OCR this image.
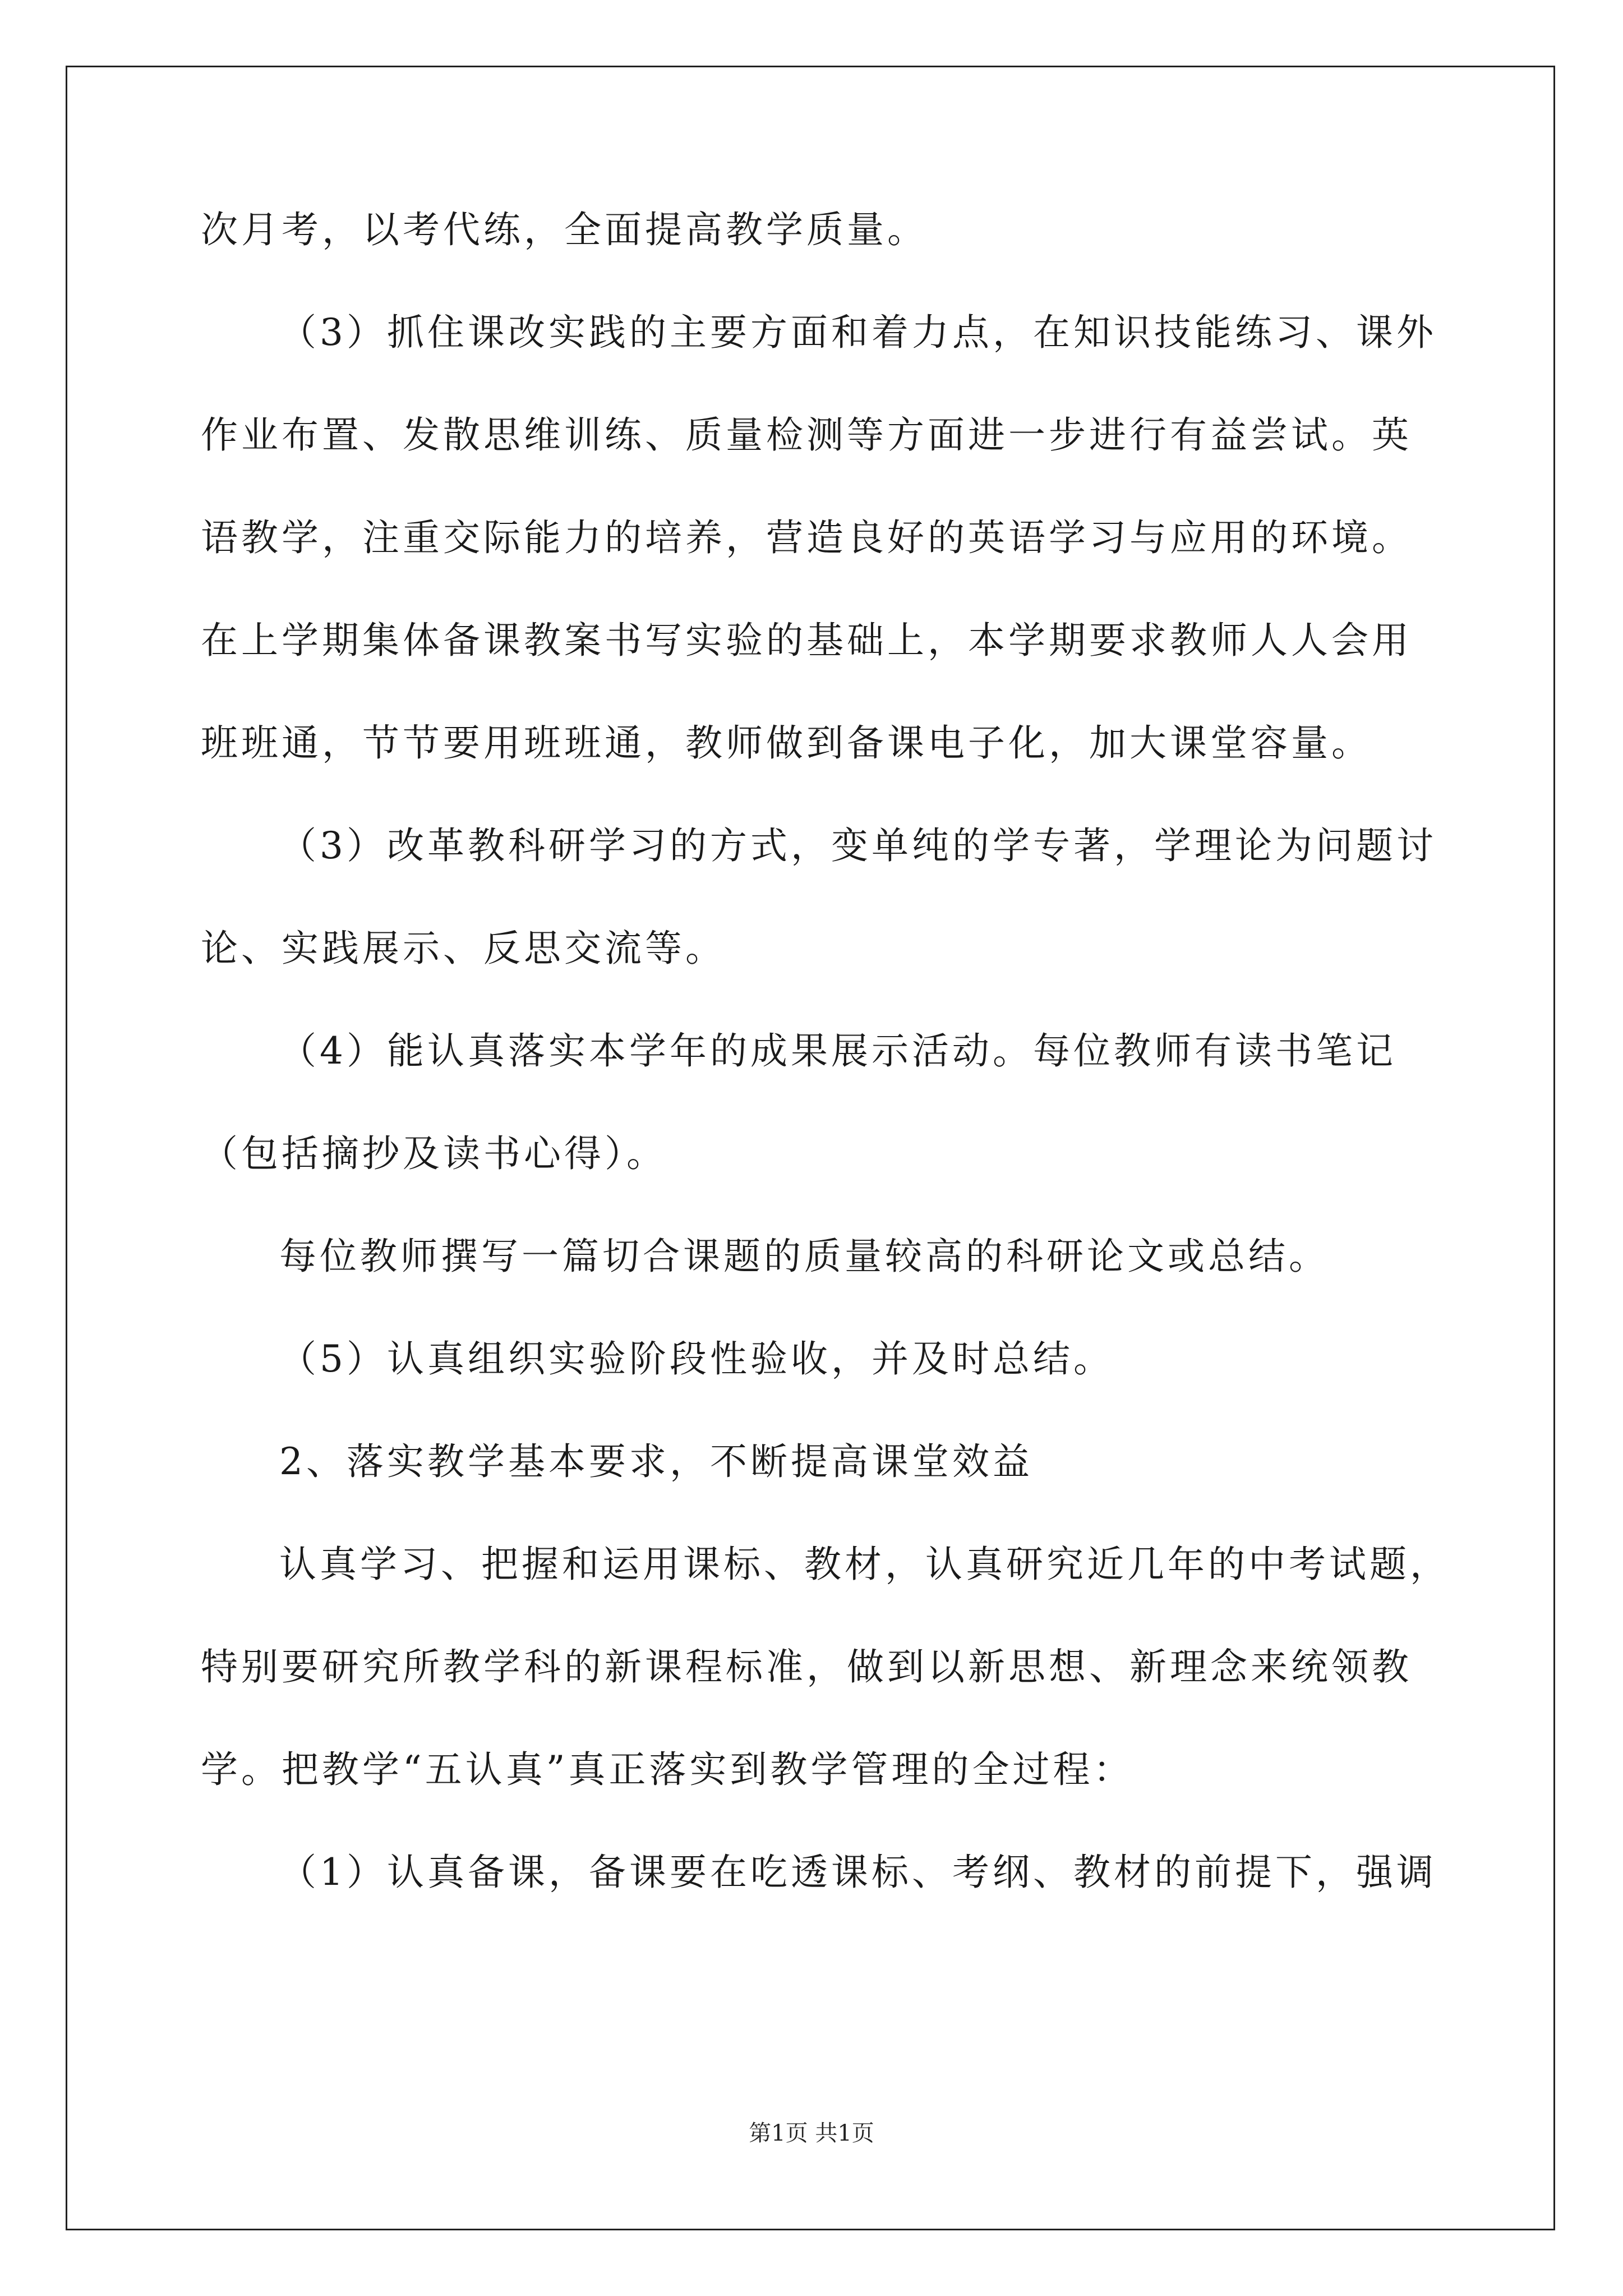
次月考，以考代练，全面提高教学质量。
（3）抓住课改实践的主要方面和着力点，在知识技能练习、课外
作业布置、发散思维训练、质量检测等方面进一步进行有益尝试。英
语教学，注重交际能力的培养，营造良好的英语学习与应用的环境。
在上学期集体备课教案书写实验的基础上，本学期要求教师人人会用
班班通，节节要用班班通，教师做到备课电子化，加大课堂容量。
（3）改革教科研学习的方式，变单纯的学专著，学理论为问题讨
论、实践展示、反思交流等。
（4）能认真落实本学年的成果展示活动。每位教师有读书笔记
（包括摘抄及读书心得）。
每位教师撰写一篇切合课题的质量较高的科研论文或总结。
（5）认真组织实验阶段性验收，并及时总结。
2、落实教学基本要求，不断提高课堂效益
认真学习、把握和运用课标、教材，认真研究近几年的中考试题，
特别要研究所教学科的新课程标准，做到以新思想、新理念来统领教
学。把教学“五认真”真正落实到教学管理的全过程：
（1）认真备课，备课要在吃透课标、考纲、教材的前提下，强调
第1页 共1页
